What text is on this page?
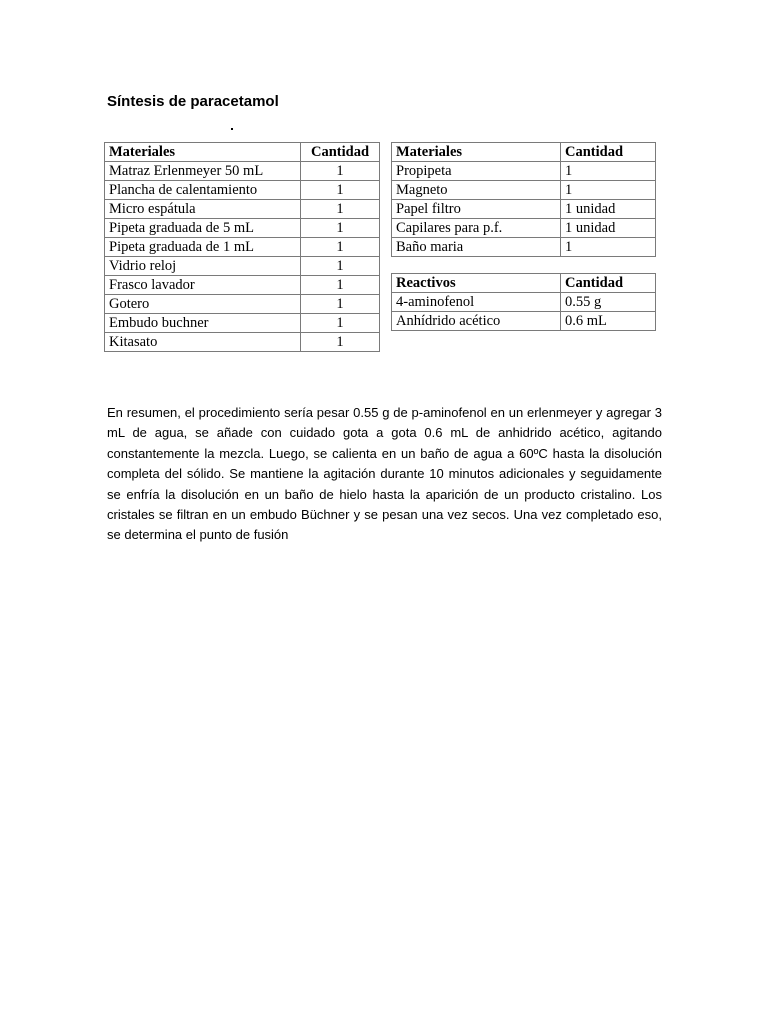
Síntesis de paracetamol
Materiales	Cantidad
Matraz Erlenmeyer 50 mL	1
Plancha de calentamiento	1
Micro espátula	1
Pipeta graduada de 5 mL	1
Pipeta graduada de 1 mL	1
Vidrio reloj	1
Frasco lavador	1
Gotero	1
Embudo buchner	1
Kitasato	1
Materiales	Cantidad
Propipeta	1
Magneto	1
Papel filtro	1 unidad
Capilares para p.f.	1 unidad
Baño maria	1
Reactivos	Cantidad
4-aminofenol	0.55 g
Anhídrido acético	0.6 mL

En resumen, el procedimiento sería pesar 0.55 g de p-aminofenol en un erlenmeyer y agregar 3 mL de agua, se añade con cuidado gota a gota 0.6 mL de anhidrido acético, agitando constantemente la mezcla. Luego, se calienta en un baño de agua a 60ºC hasta la disolución completa del sólido. Se mantiene la agitación durante 10 minutos adicionales y seguidamente se enfría la disolución en un baño de hielo hasta la aparición de un producto cristalino. Los cristales se filtran en un embudo Büchner y se pesan una vez secos. Una vez completado eso, se determina el punto de fusión
